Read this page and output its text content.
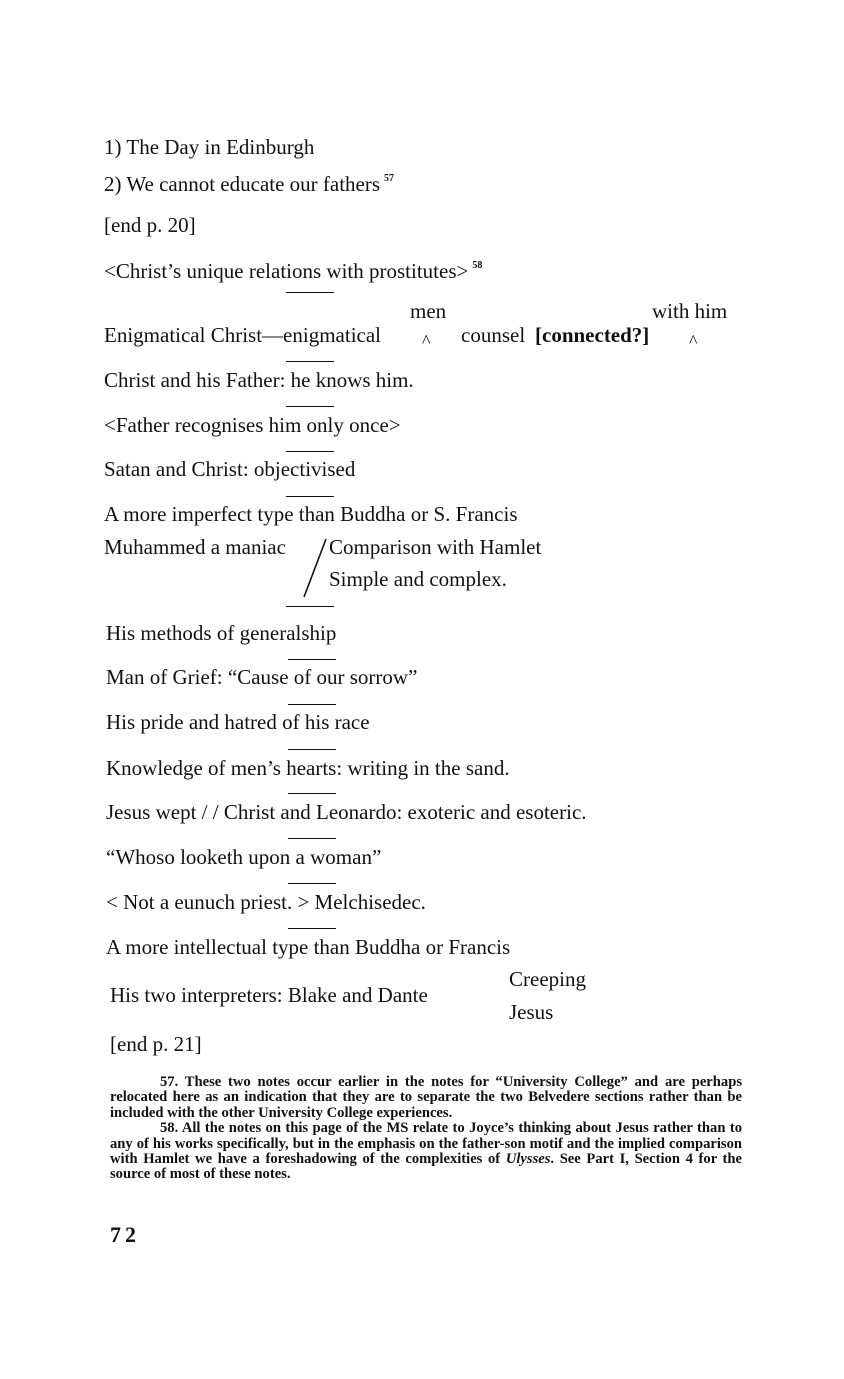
1) The Day in Edinburgh
2) We cannot educate our fathers $^{57}$
[end p. 20]
<Christ’s unique relations with prostitutes> $^{58}$
men	with him
Enigmatical Christ—enigmatical ^ counsel [connected?] ^
Christ and his Father: he knows him.
<Father recognises him only once>
Satan and Christ: objectivised
A more imperfect type than Buddha or S. Francis
Muhammed a maniac Comparison with Hamlet
Simple and complex.
His methods of generalship
Man of Grief: “Cause of our sorrow”
His pride and hatred of his race
Knowledge of men’s hearts: writing in the sand.
Jesus wept / / Christ and Leonardo: exoteric and esoteric.
“Whoso looketh upon a woman”
< Not a eunuch priest. > Melchisedec.
A more intellectual type than Buddha or Francis
His two interpreters: Blake and Dante
Creeping
Jesus
[end p. 21]

57. These two notes occur earlier in the notes for “University College” and are perhaps relocated here as an indication that they are to separate the two Belvedere sections rather than be included with the other University College experiences.

58. All the notes on this page of the MS relate to Joyce’s thinking about Jesus rather than to any of his works specifically, but in the emphasis on the father-son motif and the implied comparison with Hamlet we have a foreshadowing of the complexities of Ulysses. See Part I, Section 4 for the source of most of these notes.

72
